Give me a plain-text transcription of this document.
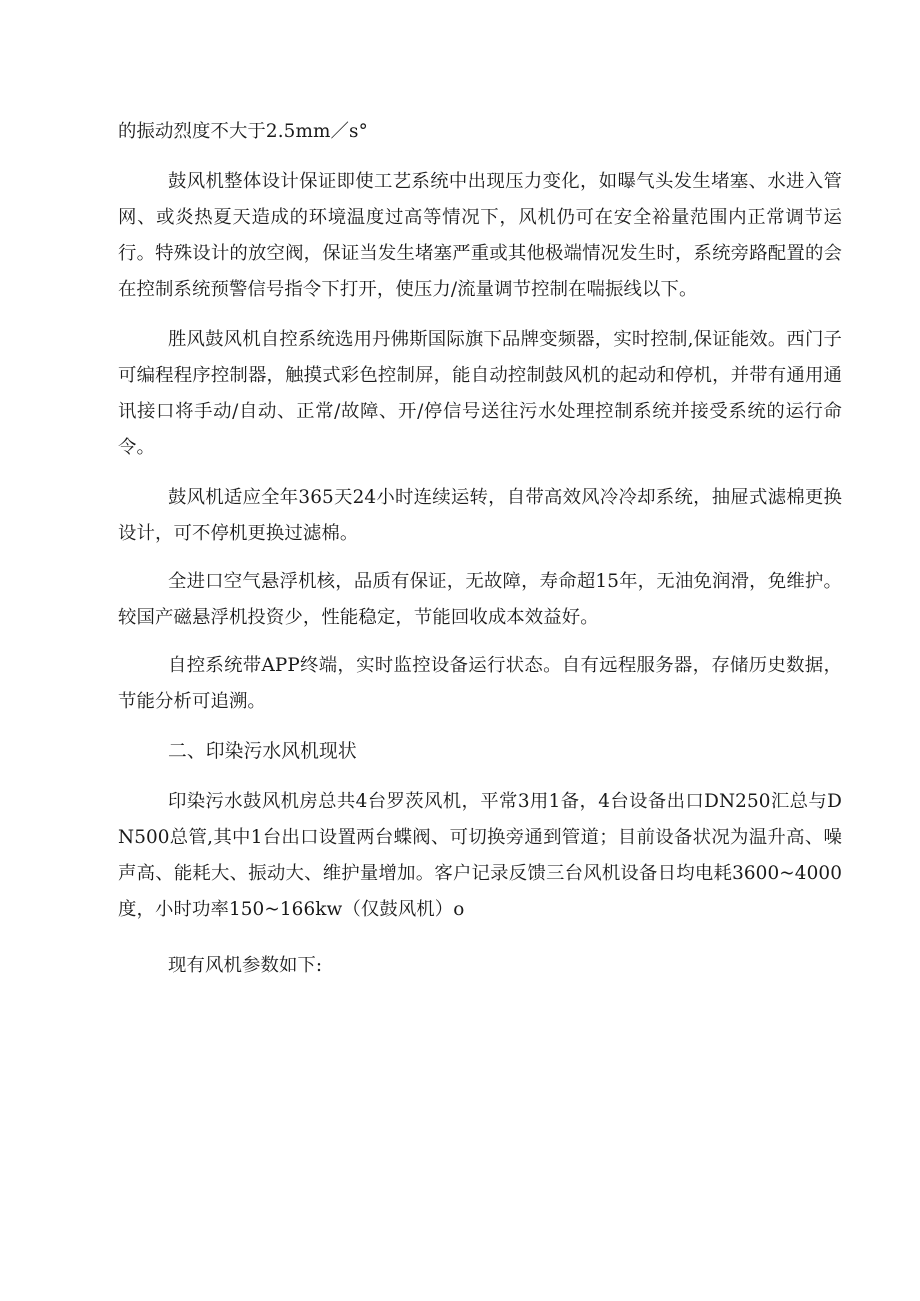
的振动烈度不大于2.5mm／s°

鼓风机整体设计保证即使工艺系统中出现压力变化，如曝气头发生堵塞、水进入管网、或炎热夏天造成的环境温度过高等情况下，风机仍可在安全裕量范围内正常调节运行。特殊设计的放空阀，保证当发生堵塞严重或其他极端情况发生时，系统旁路配置的会在控制系统预警信号指令下打开，使压力/流量调节控制在喘振线以下。

胜风鼓风机自控系统选用丹佛斯国际旗下品牌变频器，实时控制,保证能效。西门子可编程程序控制器，触摸式彩色控制屏，能自动控制鼓风机的起动和停机，并带有通用通讯接口将手动/自动、正常/故障、开/停信号送往污水处理控制系统并接受系统的运行命令。

鼓风机适应全年365天24小时连续运转，自带高效风冷冷却系统，抽屉式滤棉更换设计，可不停机更换过滤棉。

全进口空气悬浮机核，品质有保证，无故障，寿命超15年，无油免润滑，免维护。较国产磁悬浮机投资少，性能稳定，节能回收成本效益好。

自控系统带APP终端，实时监控设备运行状态。自有远程服务器，存储历史数据，节能分析可追溯。

二、印染污水风机现状

印染污水鼓风机房总共4台罗茨风机，平常3用1备，4台设备出口DN250汇总与DN500总管,其中1台出口设置两台蝶阀、可切换旁通到管道；目前设备状况为温升高、噪声高、能耗大、振动大、维护量增加。客户记录反馈三台风机设备日均电耗3600~4000度，小时功率150~166kw（仅鼓风机）o

现有风机参数如下:
